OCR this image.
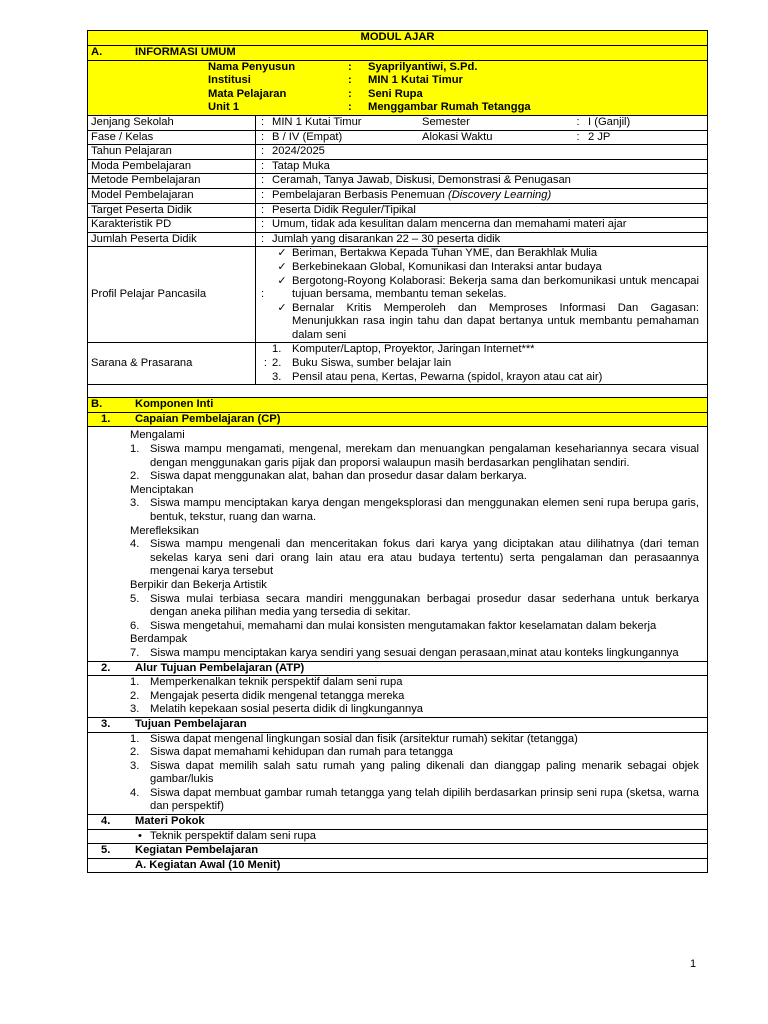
MODUL AJAR

A.	INFORMASI UMUM

Nama Penyusun	:	Syaprilyantiwi, S.Pd.
Institusi	:	MIN 1 Kutai Timur
Mata Pelajaran	:	Seni Rupa
Unit 1	:	Menggambar Rumah Tetangga

Jenjang Sekolah	: MIN 1 Kutai Timur	Semester	: I (Ganjil)

Fase / Kelas	: B / IV (Empat)	Alokasi Waktu	: 2 JP

Tahun Pelajaran	: 2024/2025

Moda Pembelajaran	: Tatap Muka

Metode Pembelajaran	: Ceramah, Tanya Jawab, Diskusi, Demonstrasi & Penugasan

Model Pembelajaran	: Pembelajaran Berbasis Penemuan (Discovery Learning)

Target Peserta Didik	: Peserta Didik Reguler/Tipikal

Karakteristik PD	: Umum, tidak ada kesulitan dalam mencerna dan memahami materi ajar

Jumlah Peserta Didik	: Jumlah yang disarankan 22 – 30 peserta didik

Profil Pelajar Pancasila	:
✓ Beriman, Bertakwa Kepada Tuhan YME, dan Berakhlak Mulia
✓ Berkebinekaan Global, Komunikasi dan Interaksi antar budaya
✓ Bergotong-Royong Kolaborasi: Bekerja sama dan berkomunikasi untuk mencapai tujuan bersama, membantu teman sekelas.
✓ Bernalar Kritis Memperoleh dan Memproses Informasi Dan Gagasan: Menunjukkan rasa ingin tahu dan dapat bertanya untuk membantu pemahaman dalam seni

Sarana & Prasarana	:
1. Komputer/Laptop, Proyektor, Jaringan Internet***
2. Buku Siswa, sumber belajar lain
3. Pensil atau pena, Kertas, Pewarna (spidol, krayon atau cat air)

B.	Komponen Inti

1.	Capaian Pembelajaran (CP)

Mengalami
1. Siswa mampu mengamati, mengenal, merekam dan menuangkan pengalaman kesehariannya secara visual dengan menggunakan garis pijak dan proporsi walaupun masih berdasarkan penglihatan sendiri.
2. Siswa dapat menggunakan alat, bahan dan prosedur dasar dalam berkarya.
Menciptakan
3. Siswa mampu menciptakan karya dengan mengeksplorasi dan menggunakan elemen seni rupa berupa garis, bentuk, tekstur, ruang dan warna.
Merefleksikan
4. Siswa mampu mengenali dan menceritakan fokus dari karya yang diciptakan atau dilihatnya (dari teman sekelas karya seni dari orang lain atau era atau budaya tertentu) serta pengalaman dan perasaannya mengenai karya tersebut
Berpikir dan Bekerja Artistik
5. Siswa mulai terbiasa secara mandiri menggunakan berbagai prosedur dasar sederhana untuk berkarya dengan aneka pilihan media yang tersedia di sekitar.
6. Siswa mengetahui, memahami dan mulai konsisten mengutamakan faktor keselamatan dalam bekerja
Berdampak
7. Siswa mampu menciptakan karya sendiri yang sesuai dengan perasaan,minat atau konteks lingkungannya

2.	Alur Tujuan Pembelajaran (ATP)

1. Memperkenalkan teknik perspektif dalam seni rupa
2. Mengajak peserta didik mengenal tetangga mereka
3. Melatih kepekaan sosial peserta didik di lingkungannya

3.	Tujuan Pembelajaran

1. Siswa dapat mengenal lingkungan sosial dan fisik (arsitektur rumah) sekitar (tetangga)
2. Siswa dapat memahami kehidupan dan rumah para tetangga
3. Siswa dapat memilih salah satu rumah yang paling dikenali dan dianggap paling menarik sebagai objek gambar/lukis
4. Siswa dapat membuat gambar rumah tetangga yang telah dipilih berdasarkan prinsip seni rupa (sketsa, warna dan perspektif)

4.	Materi Pokok

• Teknik perspektif dalam seni rupa

5.	Kegiatan Pembelajaran

A. Kegiatan Awal (10 Menit)
1
